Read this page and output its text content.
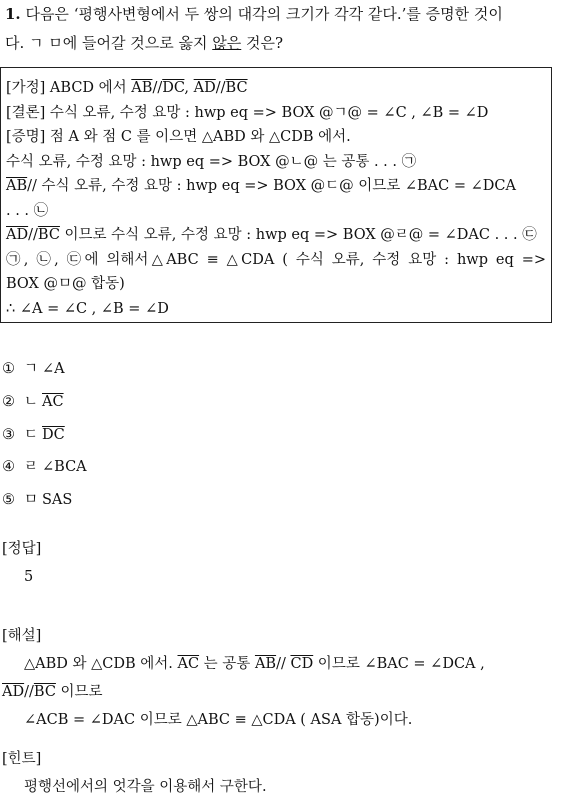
1. 다음은 ‘평행사변형에서 두 쌍의 대각의 크기가 각각 같다.’를 증명한 것이
다. ㄱ ㅁ에 들어갈 것으로 옳지 않은 것은?
[가정] ABCD 에서 $\overline{AB}//\overline{DC}$, $\overline{AD}//\overline{BC}$
[결론] 수식 오류, 수정 요망 : hwp eq => BOX @ㄱ@ = ∠C , ∠B = ∠D
[증명] 점 A 와 점 C 를 이으면 △ABD 와 △CDB 에서.
수식 오류, 수정 요망 : hwp eq => BOX @ㄴ@ 는 공통 . . . ㉠
$\overline{AB}//$ 수식 오류, 수정 요망 : hwp eq => BOX @ㄷ@ 이므로 ∠BAC = ∠DCA
. . . ㉡
$\overline{AD}//\overline{BC}$ 이므로 수식 오류, 수정 요망 : hwp eq => BOX @ㄹ@ = ∠DAC . . . ㉢
㉠, ㉡, ㉢에 의해서△ABC ≡ △CDA ( 수식 오류, 수정 요망 : hwp eq =>
BOX @ㅁ@ 합동)
∴ ∠A = ∠C , ∠B = ∠D
① ㄱ ∠A
② ㄴ $\overline{AC}$
③ ㄷ $\overline{DC}$
④ ㄹ ∠BCA
⑤ ㅁ SAS
[정답]
5
[해설]
△ABD 와 △CDB 에서. $\overline{AC}$ 는 공통 $\overline{AB}//$ $\overline{CD}$ 이므로 ∠BAC = ∠DCA ,
$\overline{AD}//\overline{BC}$ 이므로
∠ACB = ∠DAC 이므로 △ABC ≡ △CDA ( ASA 합동)이다.
[힌트]
평행선에서의 엇각을 이용해서 구한다.
